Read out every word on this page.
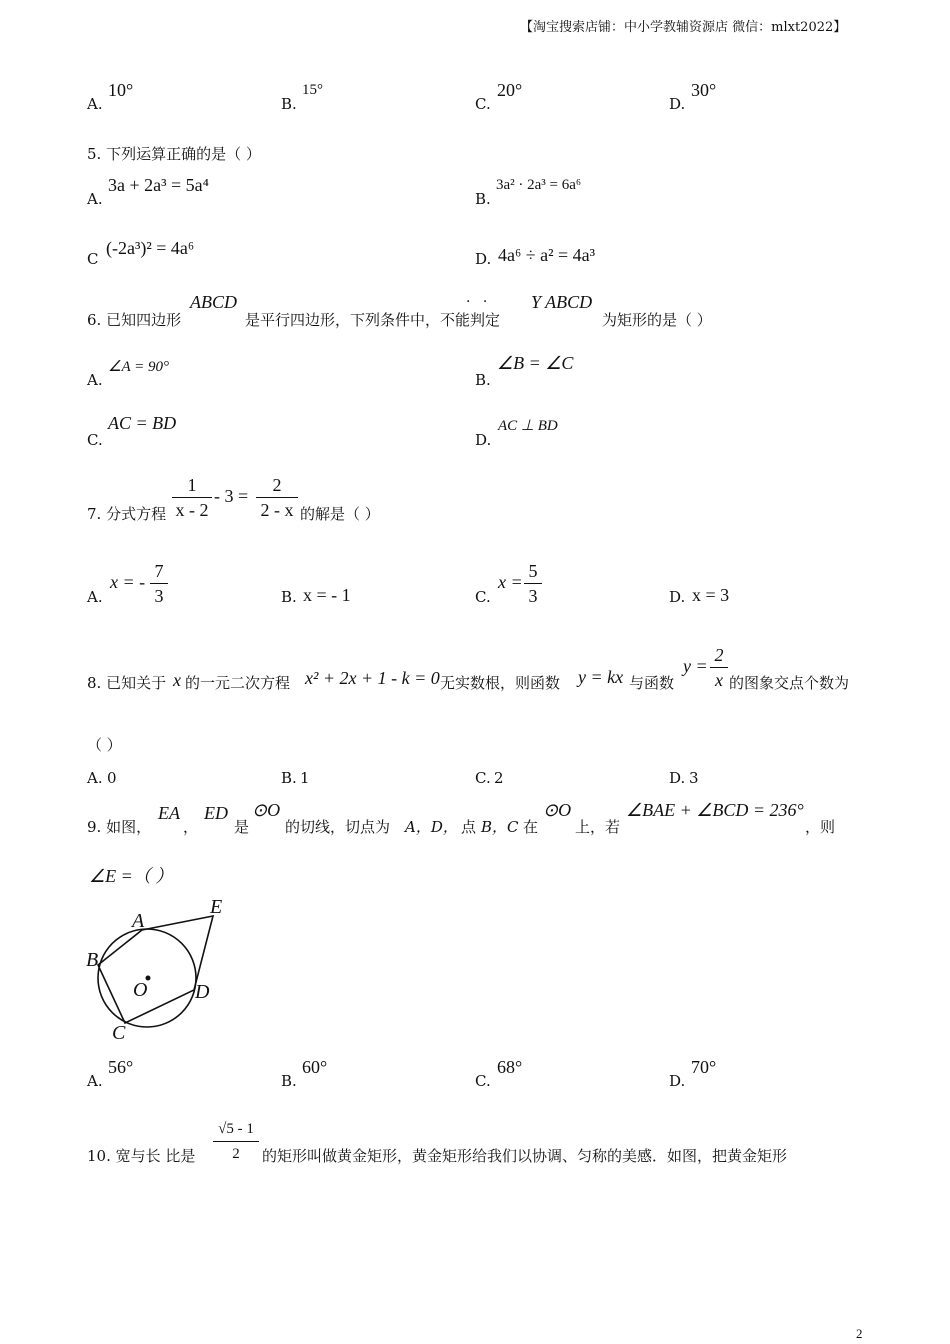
【淘宝搜索店铺：中小学教辅资源店 微信：mlxt2022】
A.
10°
B.
15°
C.
20°
D.
30°
5. 下列运算正确的是（ ）
A.
3a + 2a³ = 5a⁴
B.
3a² · 2a³ = 6a⁶
C
(-2a³)² = 4a⁶
D. 4a⁶ ÷ a² = 4a³
6. 已知四边形
ABCD
是平行四边形，下列条件中，不能判定
· · Y ABCD
为矩形的是（ ）
A.
∠A = 90°
B.
∠B = ∠C
C.
AC = BD
D.
AC ⊥ BD
7. 分式方程
1
x - 2
- 3 =
2
2 - x 的解是（ ）
A.
x = -
7
3	B. x = - 1	C.
x =
5
3	D. x = 3
8. 已知关于 x 的一元二次方程 x² + 2x + 1 - k = 0 无实数根，则函数 y = kx 与函数
y =
2
x 的图象交点个数为
（ ）
A. 0	B. 1	C. 2	D. 3
9. 如图，
EA
，
ED
是
⊙O
的切线，切点为 A，D， 点 B，C 在
⊙O
上，若
∠BAE + ∠BCD = 236°
，则
∠E =（ ）
A
E
B
O D
C
A.
56°
B.
60°
C.
68°
D.
70°
10. 宽与长 比是
√5 - 1
2	的矩形叫做黄金矩形，黄金矩形给我们以协调、匀称的美感．如图，把黄金矩形
2
